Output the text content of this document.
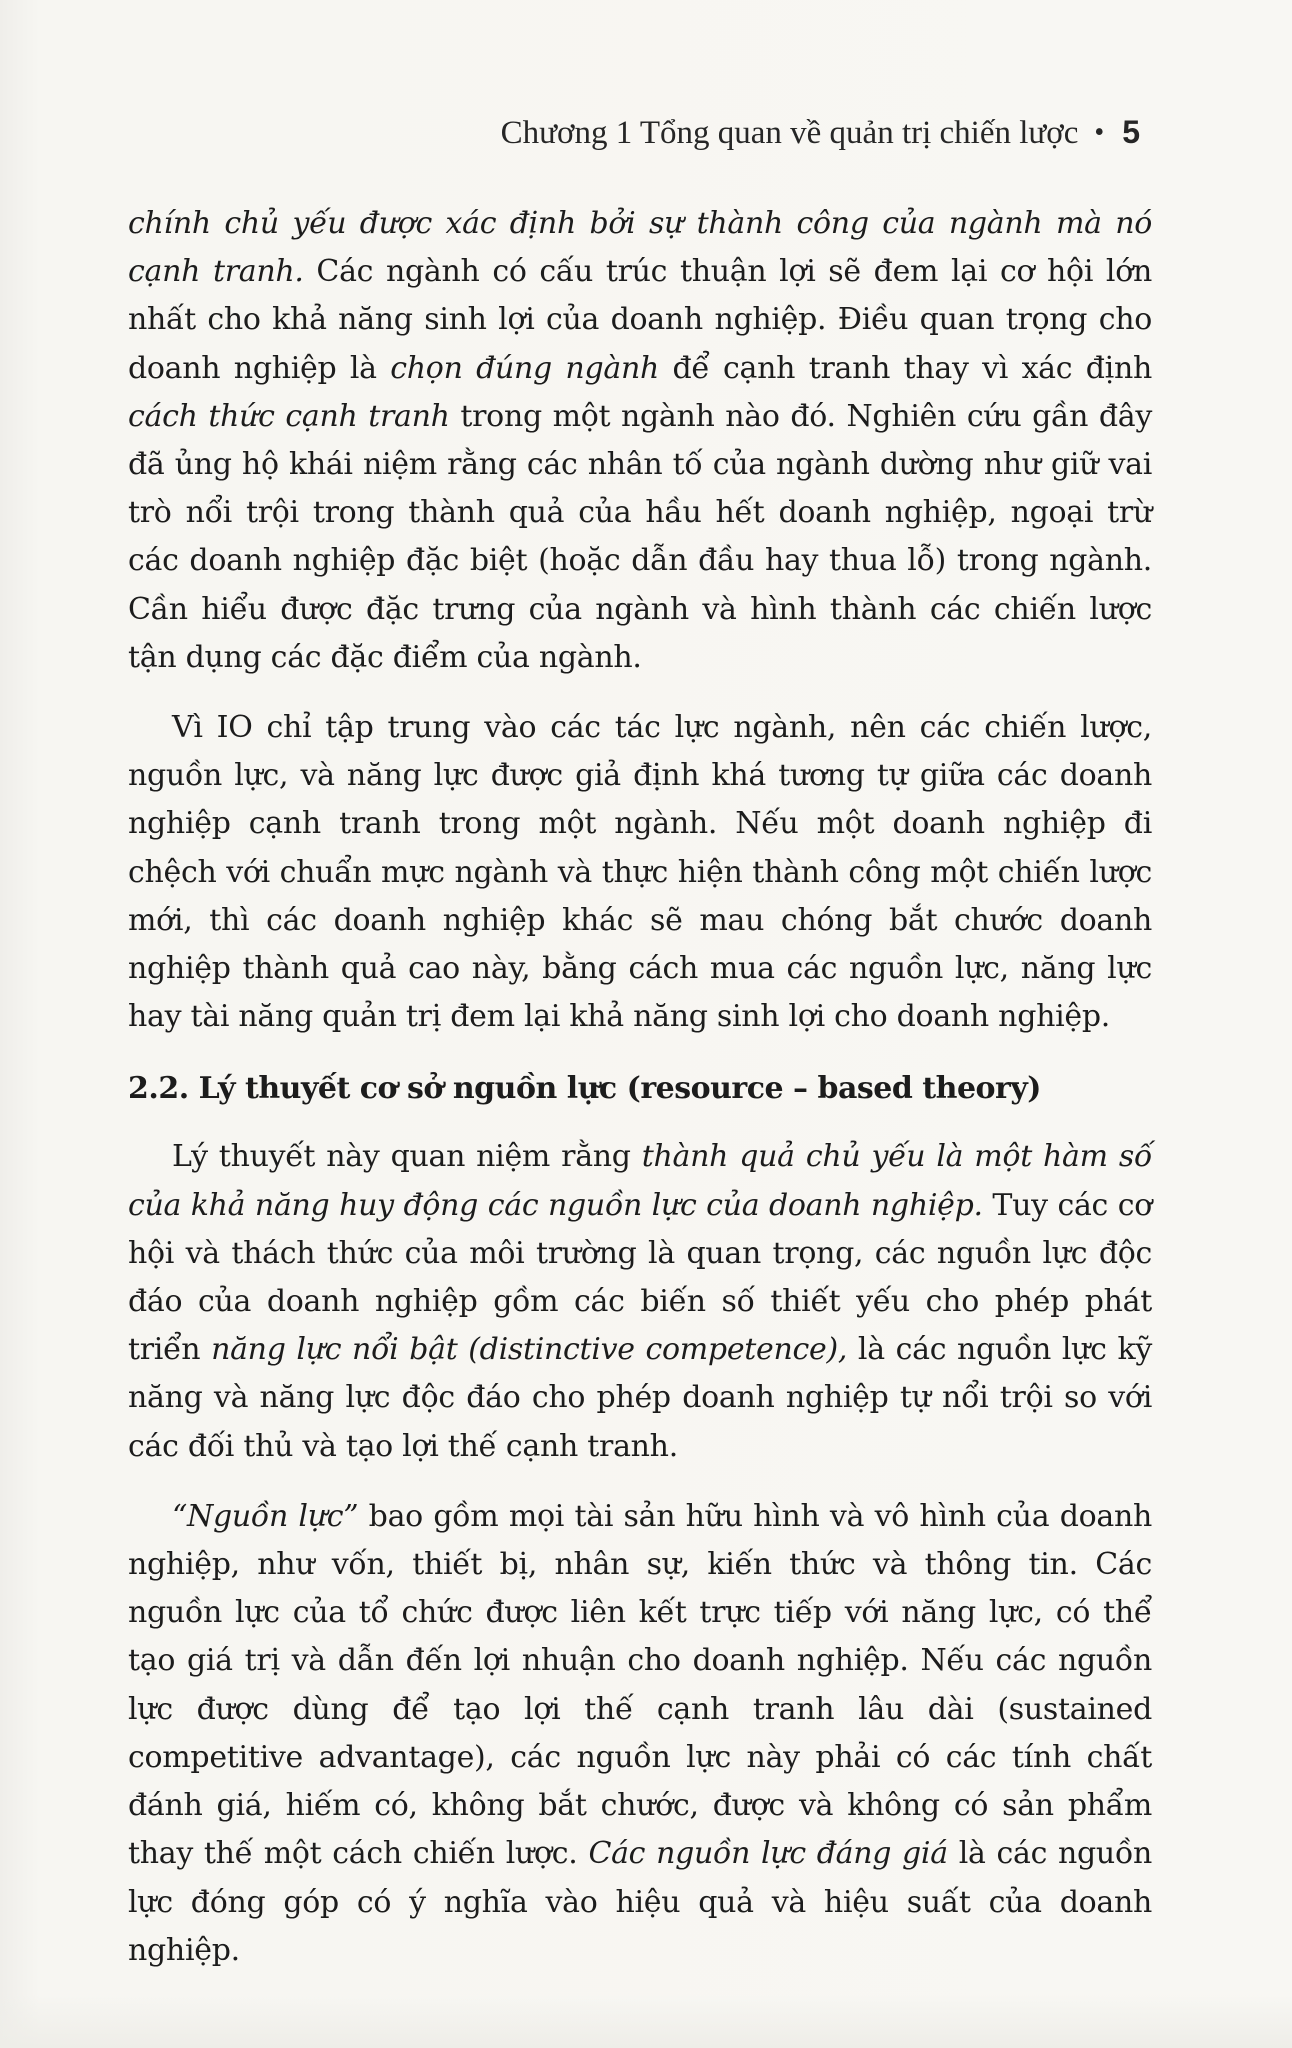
Chương 1 Tổng quan về quản trị chiến lược • 5

chính chủ yếu được xác định bởi sự thành công của ngành mà nó cạnh tranh. Các ngành có cấu trúc thuận lợi sẽ đem lại cơ hội lớn nhất cho khả năng sinh lợi của doanh nghiệp. Điều quan trọng cho doanh nghiệp là chọn đúng ngành để cạnh tranh thay vì xác định cách thức cạnh tranh trong một ngành nào đó. Nghiên cứu gần đây đã ủng hộ khái niệm rằng các nhân tố của ngành dường như giữ vai trò nổi trội trong thành quả của hầu hết doanh nghiệp, ngoại trừ các doanh nghiệp đặc biệt (hoặc dẫn đầu hay thua lỗ) trong ngành. Cần hiểu được đặc trưng của ngành và hình thành các chiến lược tận dụng các đặc điểm của ngành.

Vì IO chỉ tập trung vào các tác lực ngành, nên các chiến lược, nguồn lực, và năng lực được giả định khá tương tự giữa các doanh nghiệp cạnh tranh trong một ngành. Nếu một doanh nghiệp đi chệch với chuẩn mực ngành và thực hiện thành công một chiến lược mới, thì các doanh nghiệp khác sẽ mau chóng bắt chước doanh nghiệp thành quả cao này, bằng cách mua các nguồn lực, năng lực hay tài năng quản trị đem lại khả năng sinh lợi cho doanh nghiệp.

2.2. Lý thuyết cơ sở nguồn lực (resource – based theory)

Lý thuyết này quan niệm rằng thành quả chủ yếu là một hàm số của khả năng huy động các nguồn lực của doanh nghiệp. Tuy các cơ hội và thách thức của môi trường là quan trọng, các nguồn lực độc đáo của doanh nghiệp gồm các biến số thiết yếu cho phép phát triển năng lực nổi bật (distinctive competence), là các nguồn lực kỹ năng và năng lực độc đáo cho phép doanh nghiệp tự nổi trội so với các đối thủ và tạo lợi thế cạnh tranh.

“Nguồn lực” bao gồm mọi tài sản hữu hình và vô hình của doanh nghiệp, như vốn, thiết bị, nhân sự, kiến thức và thông tin. Các nguồn lực của tổ chức được liên kết trực tiếp với năng lực, có thể tạo giá trị và dẫn đến lợi nhuận cho doanh nghiệp. Nếu các nguồn lực được dùng để tạo lợi thế cạnh tranh lâu dài (sustained competitive advantage), các nguồn lực này phải có các tính chất đánh giá, hiếm có, không bắt chước, được và không có sản phẩm thay thế một cách chiến lược. Các nguồn lực đáng giá là các nguồn lực đóng góp có ý nghĩa vào hiệu quả và hiệu suất của doanh nghiệp.
